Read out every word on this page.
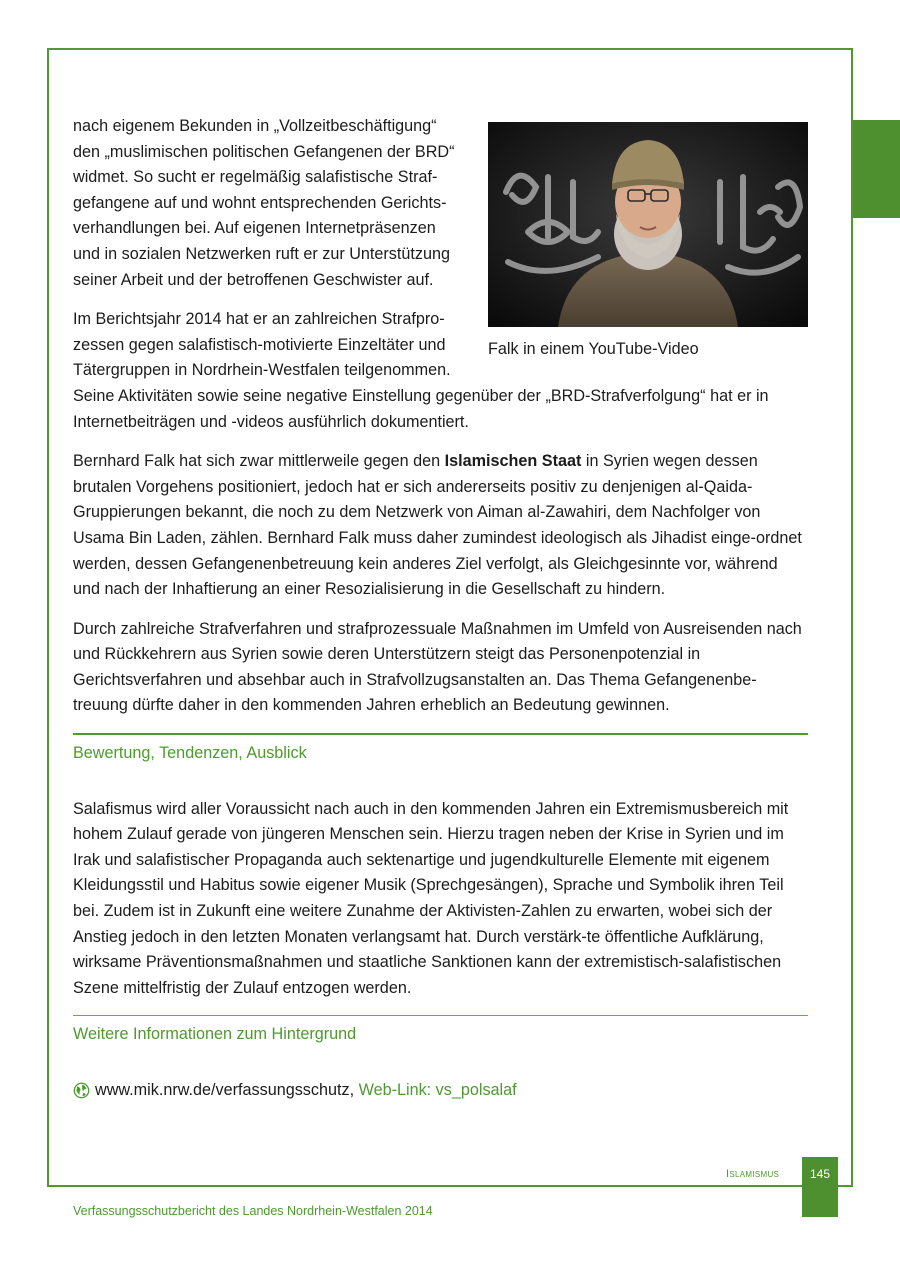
Falk in einem YouTube-Video

nach eigenem Bekunden in „Vollzeitbeschäftigung“ den „muslimischen politischen Gefangenen der BRD“ widmet. So sucht er regelmäßig salafistische Straf-gefangene auf und wohnt entsprechenden Gerichts-verhandlungen bei. Auf eigenen Internetpräsenzen und in sozialen Netzwerken ruft er zur Unterstützung seiner Arbeit und der betroffenen Geschwister auf.

Im Berichtsjahr 2014 hat er an zahlreichen Strafpro-zessen gegen salafistisch-motivierte Einzeltäter und Tätergruppen in Nordrhein-Westfalen teilgenommen. Seine Aktivitäten sowie seine negative Einstellung gegenüber der „BRD-Strafverfolgung“ hat er in Internetbeiträgen und -videos ausführlich dokumentiert.

Bernhard Falk hat sich zwar mittlerweile gegen den Islamischen Staat in Syrien wegen dessen brutalen Vorgehens positioniert, jedoch hat er sich andererseits positiv zu denjenigen al-Qaida-Gruppierungen bekannt, die noch zu dem Netzwerk von Aiman al-Zawahiri, dem Nachfolger von Usama Bin Laden, zählen. Bernhard Falk muss daher zumindest ideologisch als Jihadist einge-ordnet werden, dessen Gefangenenbetreuung kein anderes Ziel verfolgt, als Gleichgesinnte vor, während und nach der Inhaftierung an einer Resozialisierung in die Gesellschaft zu hindern.

Durch zahlreiche Strafverfahren und strafprozessuale Maßnahmen im Umfeld von Ausreisenden nach und Rückkehrern aus Syrien sowie deren Unterstützern steigt das Personenpotenzial in Gerichtsverfahren und absehbar auch in Strafvollzugsanstalten an. Das Thema Gefangenenbe-treuung dürfte daher in den kommenden Jahren erheblich an Bedeutung gewinnen.

Bewertung, Tendenzen, Ausblick

Salafismus wird aller Voraussicht nach auch in den kommenden Jahren ein Extremismusbereich mit hohem Zulauf gerade von jüngeren Menschen sein. Hierzu tragen neben der Krise in Syrien und im Irak und salafistischer Propaganda auch sektenartige und jugendkulturelle Elemente mit eigenem Kleidungsstil und Habitus sowie eigener Musik (Sprechgesängen), Sprache und Symbolik ihren Teil bei. Zudem ist in Zukunft eine weitere Zunahme der Aktivisten-Zahlen zu erwarten, wobei sich der Anstieg jedoch in den letzten Monaten verlangsamt hat. Durch verstärk-te öffentliche Aufklärung, wirksame Präventionsmaßnahmen und staatliche Sanktionen kann der extremistisch-salafistischen Szene mittelfristig der Zulauf entzogen werden.

Weitere Informationen zum Hintergrund
www.mik.nrw.de/verfassungsschutz,
Web-Link: vs_polsalaf
Islamismus	145
Verfassungsschutzbericht des Landes Nordrhein-Westfalen 2014
